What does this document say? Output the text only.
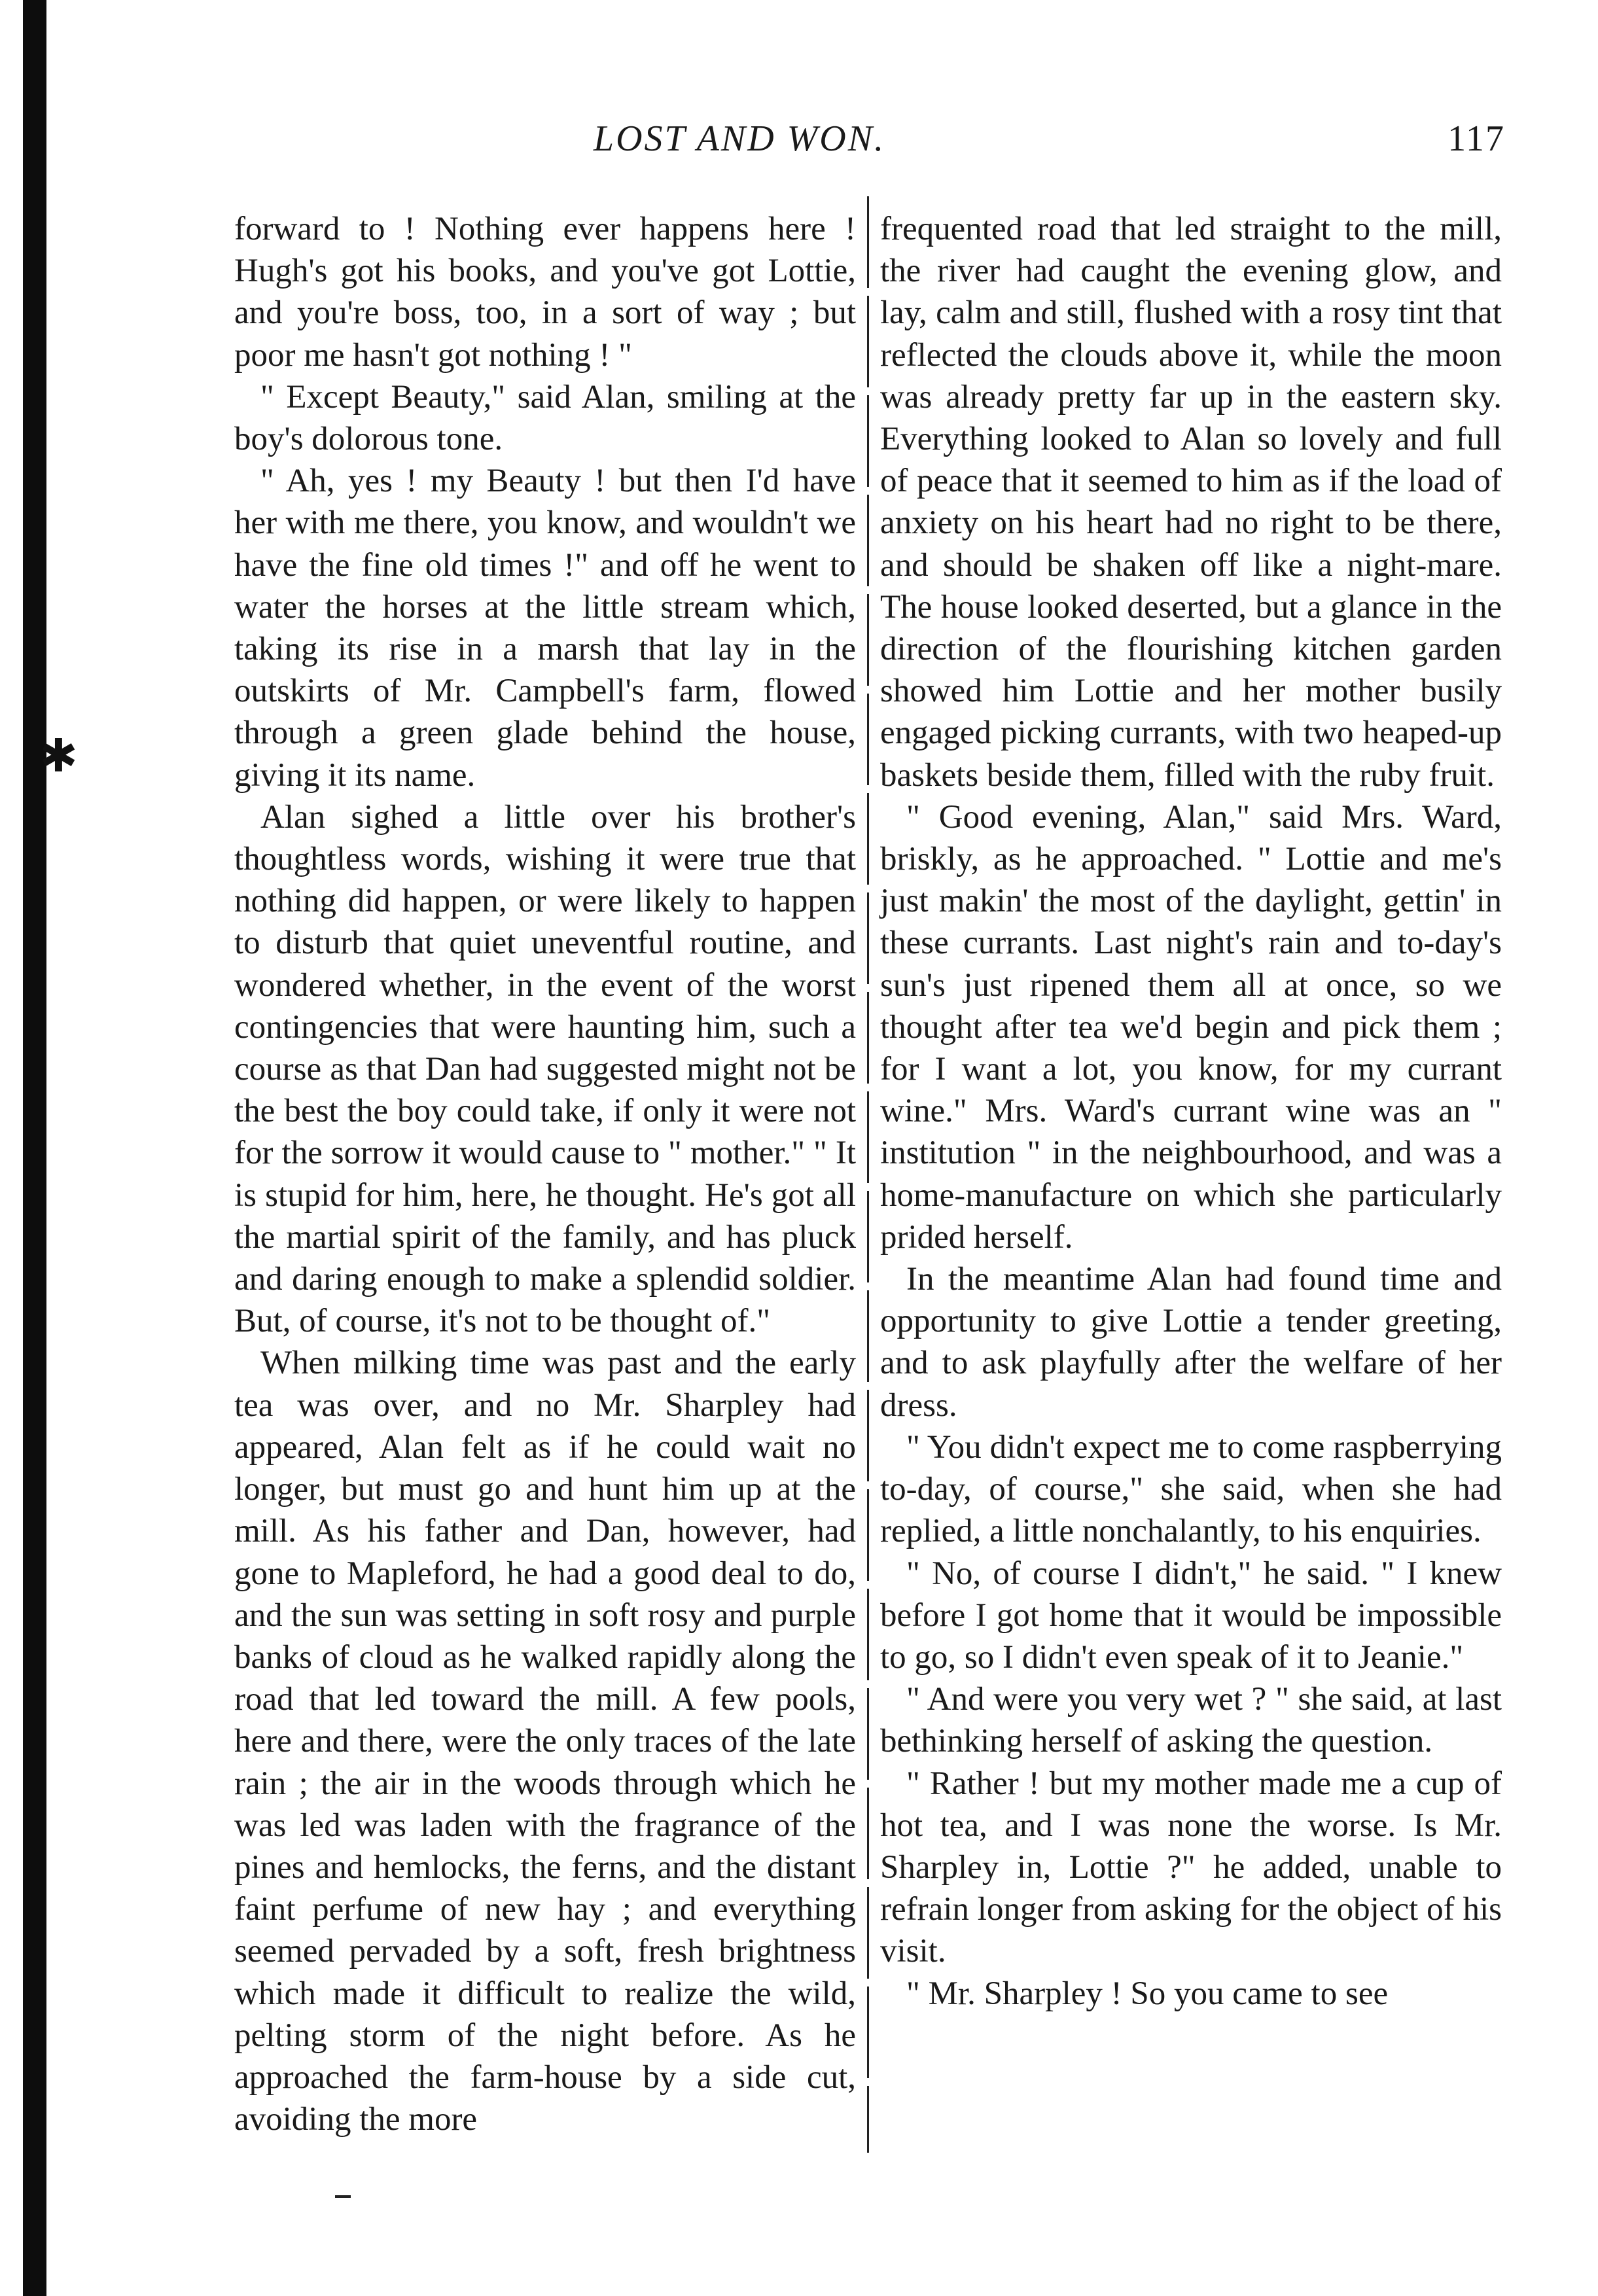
✱
LOST AND WON.	117

forward to ! Nothing ever happens here ! Hugh's got his books, and you've got Lottie, and you're boss, too, in a sort of way ; but poor me hasn't got nothing ! "

" Except Beauty," said Alan, smiling at the boy's dolorous tone.

" Ah, yes ! my Beauty ! but then I'd have her with me there, you know, and wouldn't we have the fine old times !" and off he went to water the horses at the little stream which, taking its rise in a marsh that lay in the outskirts of Mr. Campbell's farm, flowed through a green glade behind the house, giving it its name.

Alan sighed a little over his brother's thoughtless words, wishing it were true that nothing did happen, or were likely to happen to disturb that quiet uneventful routine, and wondered whether, in the event of the worst contingencies that were haunting him, such a course as that Dan had suggested might not be the best the boy could take, if only it were not for the sorrow it would cause to " mother." " It is stupid for him, here, he thought. He's got all the martial spirit of the family, and has pluck and daring enough to make a splendid soldier. But, of course, it's not to be thought of."

When milking time was past and the early tea was over, and no Mr. Sharpley had appeared, Alan felt as if he could wait no longer, but must go and hunt him up at the mill. As his father and Dan, however, had gone to Mapleford, he had a good deal to do, and the sun was setting in soft rosy and purple banks of cloud as he walked rapidly along the road that led toward the mill. A few pools, here and there, were the only traces of the late rain ; the air in the woods through which he was led was laden with the fragrance of the pines and hemlocks, the ferns, and the distant faint perfume of new hay ; and everything seemed pervaded by a soft, fresh brightness which made it difficult to realize the wild, pelting storm of the night before. As he approached the farm-house by a side cut, avoiding the more

frequented road that led straight to the mill, the river had caught the evening glow, and lay, calm and still, flushed with a rosy tint that reflected the clouds above it, while the moon was already pretty far up in the eastern sky. Everything looked to Alan so lovely and full of peace that it seemed to him as if the load of anxiety on his heart had no right to be there, and should be shaken off like a night-mare. The house looked deserted, but a glance in the direction of the flourishing kitchen garden showed him Lottie and her mother busily engaged picking currants, with two heaped-up baskets beside them, filled with the ruby fruit.

" Good evening, Alan," said Mrs. Ward, briskly, as he approached. " Lottie and me's just makin' the most of the daylight, gettin' in these currants. Last night's rain and to-day's sun's just ripened them all at once, so we thought after tea we'd begin and pick them ; for I want a lot, you know, for my currant wine." Mrs. Ward's currant wine was an " institution " in the neighbourhood, and was a home-manufacture on which she particularly prided herself.

In the meantime Alan had found time and opportunity to give Lottie a tender greeting, and to ask playfully after the welfare of her dress.

" You didn't expect me to come raspberrying to-day, of course," she said, when she had replied, a little nonchalantly, to his enquiries.

" No, of course I didn't," he said. " I knew before I got home that it would be impossible to go, so I didn't even speak of it to Jeanie."

" And were you very wet ? " she said, at last bethinking herself of asking the question.

" Rather ! but my mother made me a cup of hot tea, and I was none the worse. Is Mr. Sharpley in, Lottie ?" he added, unable to refrain longer from asking for the object of his visit.

" Mr. Sharpley ! So you came to see
